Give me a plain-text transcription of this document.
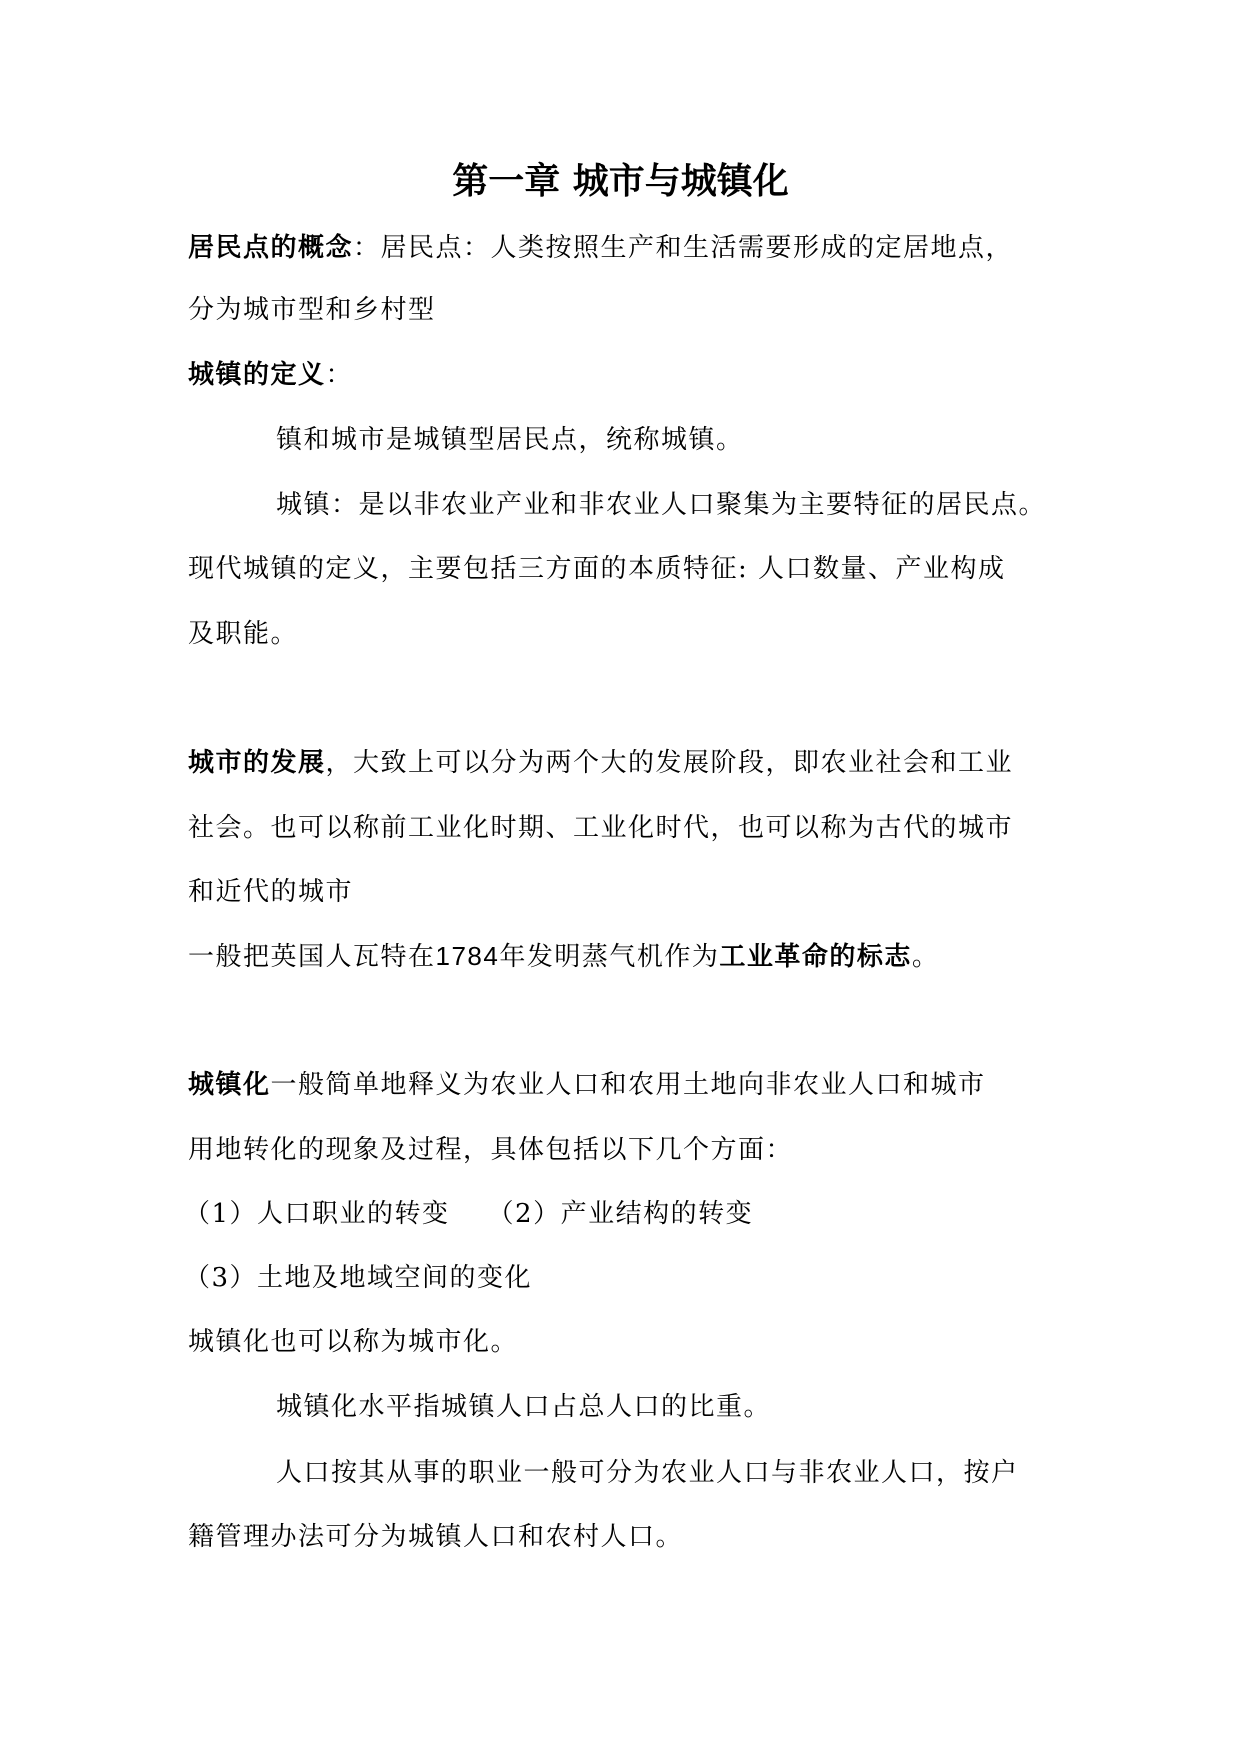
第一章 城市与城镇化
居民点的概念：居民点：人类按照生产和生活需要形成的定居地点，
分为城市型和乡村型
城镇的定义：
镇和城市是城镇型居民点，统称城镇。
城镇：是以非农业产业和非农业人口聚集为主要特征的居民点。
现代城镇的定义，主要包括三方面的本质特征: 人口数量、产业构成
及职能。
城市的发展，大致上可以分为两个大的发展阶段，即农业社会和工业
社会。也可以称前工业化时期、工业化时代，也可以称为古代的城市
和近代的城市
一般把英国人瓦特在1784年发明蒸气机作为工业革命的标志。
城镇化一般简单地释义为农业人口和农用土地向非农业人口和城市
用地转化的现象及过程，具体包括以下几个方面：
（1）人口职业的转变 （2）产业结构的转变
（3）土地及地域空间的变化
城镇化也可以称为城市化。
城镇化水平指城镇人口占总人口的比重。
人口按其从事的职业一般可分为农业人口与非农业人口，按户
籍管理办法可分为城镇人口和农村人口。
